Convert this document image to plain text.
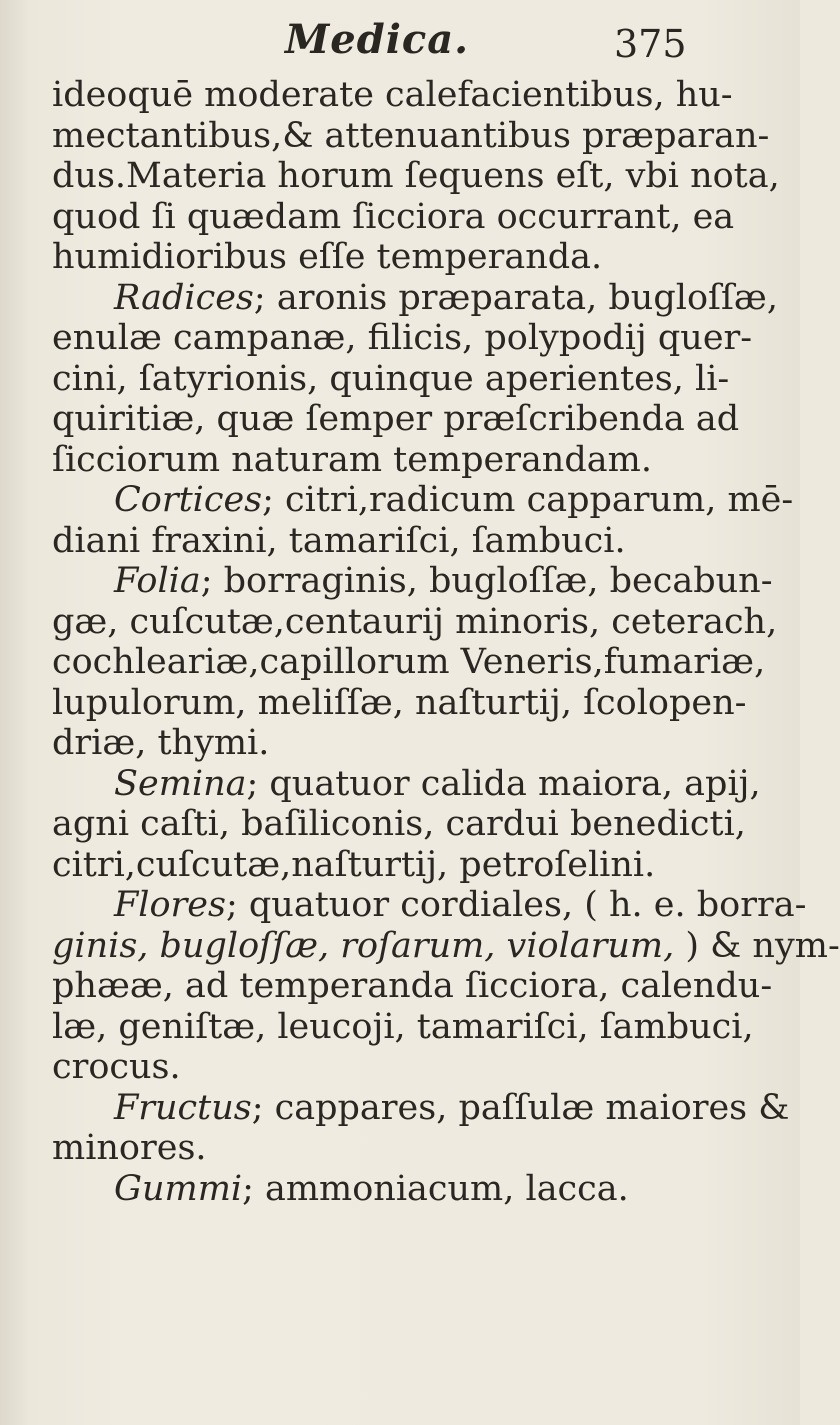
Medica.	375
ideoquē moderate calefacientibus, hu-
mectantibus,& attenuantibus præparan-
dus.Materia horum ſequens eſt, vbi nota,
quod ſi quædam ſicciora occurrant, ea
humidioribus eſſe temperanda.
Radices; aronis præparata, bugloſſæ,
enulæ campanæ, filicis, polypodij quer-
cini, ſatyrionis, quinque aperientes, li-
quiritiæ, quæ ſemper præſcribenda ad
ſicciorum naturam temperandam.
Cortices; citri,radicum capparum, mē-
diani fraxini, tamariſci, ſambuci.
Folia; borraginis, bugloſſæ, becabun-
gæ, cuſcutæ,centaurij minoris, ceterach,
cochleariæ,capillorum Veneris,fumariæ,
lupulorum, meliſſæ, naſturtij, ſcolopen-
driæ, thymi.
Semina; quatuor calida maiora, apij,
agni caſti, baſiliconis, cardui benedicti,
citri,cuſcutæ,naſturtij, petroſelini.
Flores; quatuor cordiales, ( h. e. borra-
ginis, bugloſſæ, roſarum, violarum, ) & nym-
phææ, ad temperanda ſicciora, calendu-
læ, geniſtæ, leucoji, tamariſci, ſambuci,
crocus.
Fructus; cappares, paſſulæ maiores &
minores.
Gummi; ammoniacum, lacca.
